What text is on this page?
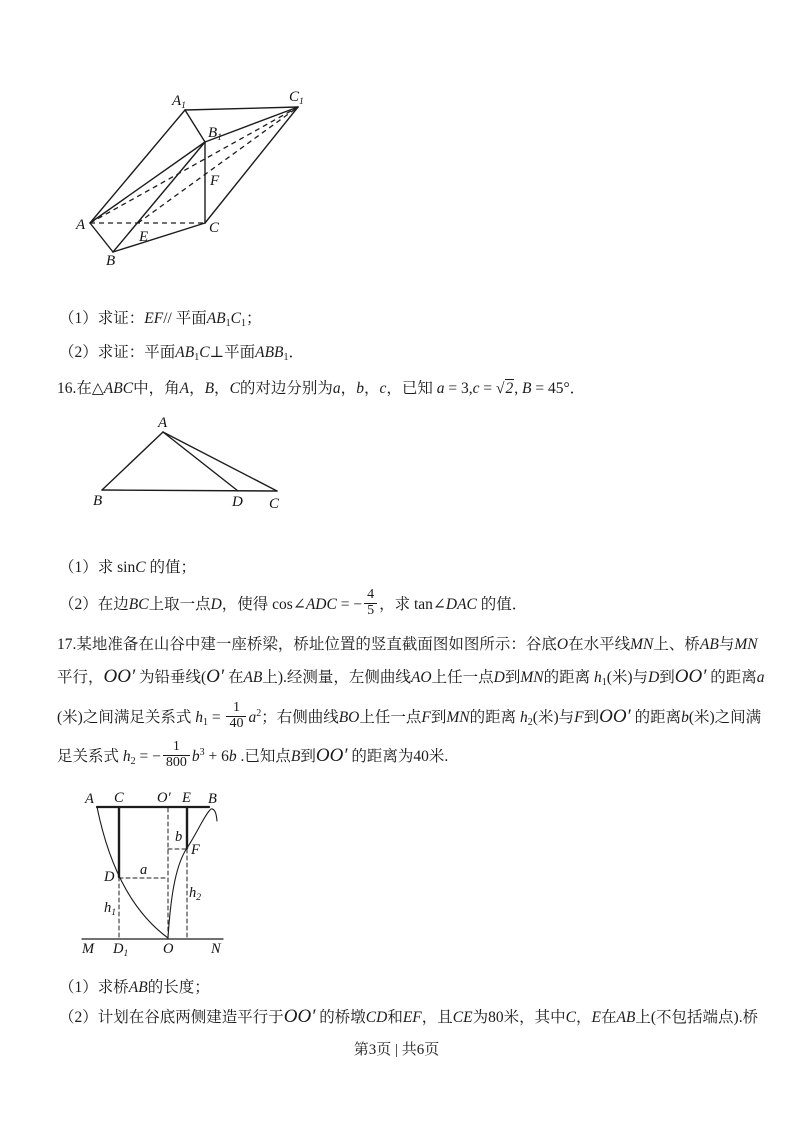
$A_1$
$C_1$
$B_1$
F
A
E
C
B
（1）求证：EF// 平面AB1C1；
（2）求证：平面AB1C⊥平面ABB1．
16.在△ABC中，角A，B，C的对边分别为a，b，c，已知 a = 3,c = √2, B = 45°．
A
B	D C
（1）求 sinC 的值；
（2）在边BC上取一点D，使得 cos∠ADC = − $\frac{4}{5}$ ，求 tan∠DAC 的值．
17.某地准备在山谷中建一座桥梁，桥址位置的竖直截面图如图所示：谷底O在水平线MN上、桥AB与MN
平行，OO′ 为铅垂线(O′ 在AB上).经测量，左侧曲线AO上任一点D到MN的距离 h1(米)与D到OO′ 的距离a
(米)之间满足关系式 $h1 = \frac{1}{40} a^2$；右侧曲线BO上任一点F到MN的距离 h2(米)与F到OO′ 的距离b(米)之间满
足关系式 h2 = − $\frac{1}{800} b^3 + 6b$ .已知点B到OO′ 的距离为40米.
A C O′ E B
b
F
D a
$h_1$
$h_2$
M $D_1$ O	N
（1）求桥AB的长度；
（2）计划在谷底两侧建造平行于OO′ 的桥墩CD和EF，且CE为80米，其中C，E在AB上(不包括端点).桥
第3页 | 共6页
